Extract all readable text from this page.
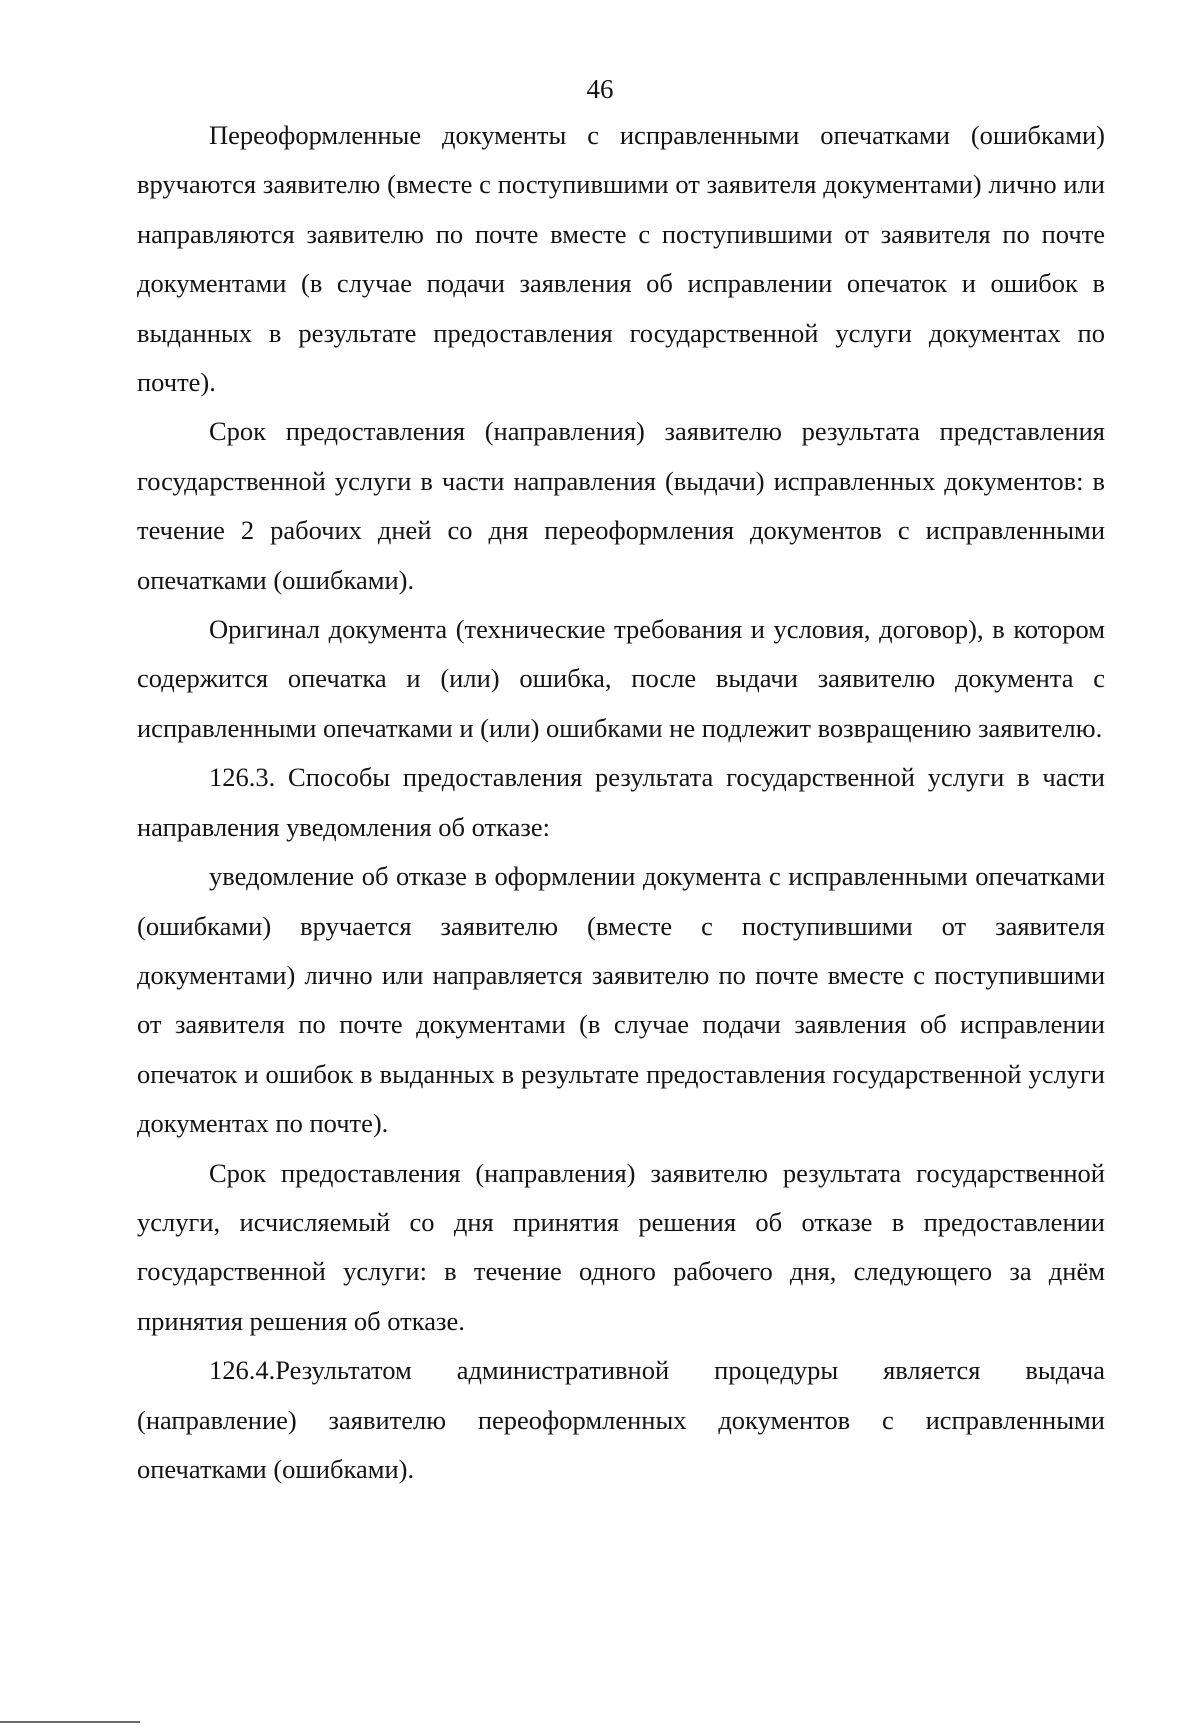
46

Переоформленные документы с исправленными опечатками (ошибками) вручаются заявителю (вместе с поступившими от заявителя документами) лично или направляются заявителю по почте вместе с поступившими от заявителя по почте документами (в случае подачи заявления об исправлении опечаток и ошибок в выданных в результате предоставления государственной услуги документах по почте).

Срок предоставления (направления) заявителю результата представления государственной услуги в части направления (выдачи) исправленных документов: в течение 2 рабочих дней со дня переоформления документов с исправленными опечатками (ошибками).

Оригинал документа (технические требования и условия, договор), в котором содержится опечатка и (или) ошибка, после выдачи заявителю документа с исправленными опечатками и (или) ошибками не подлежит возвращению заявителю.

126.3. Способы предоставления результата государственной услуги в части направления уведомления об отказе:

уведомление об отказе в оформлении документа с исправленными опечатками (ошибками) вручается заявителю (вместе с поступившими от заявителя документами) лично или направляется заявителю по почте вместе с поступившими от заявителя по почте документами (в случае подачи заявления об исправлении опечаток и ошибок в выданных в результате предоставления государственной услуги документах по почте).

Срок предоставления (направления) заявителю результата государственной услуги, исчисляемый со дня принятия решения об отказе в предоставлении государственной услуги: в течение одного рабочего дня, следующего за днём принятия решения об отказе.

126.4.Результатом административной процедуры является выдача (направление) заявителю переоформленных документов с исправленными опечатками (ошибками).
